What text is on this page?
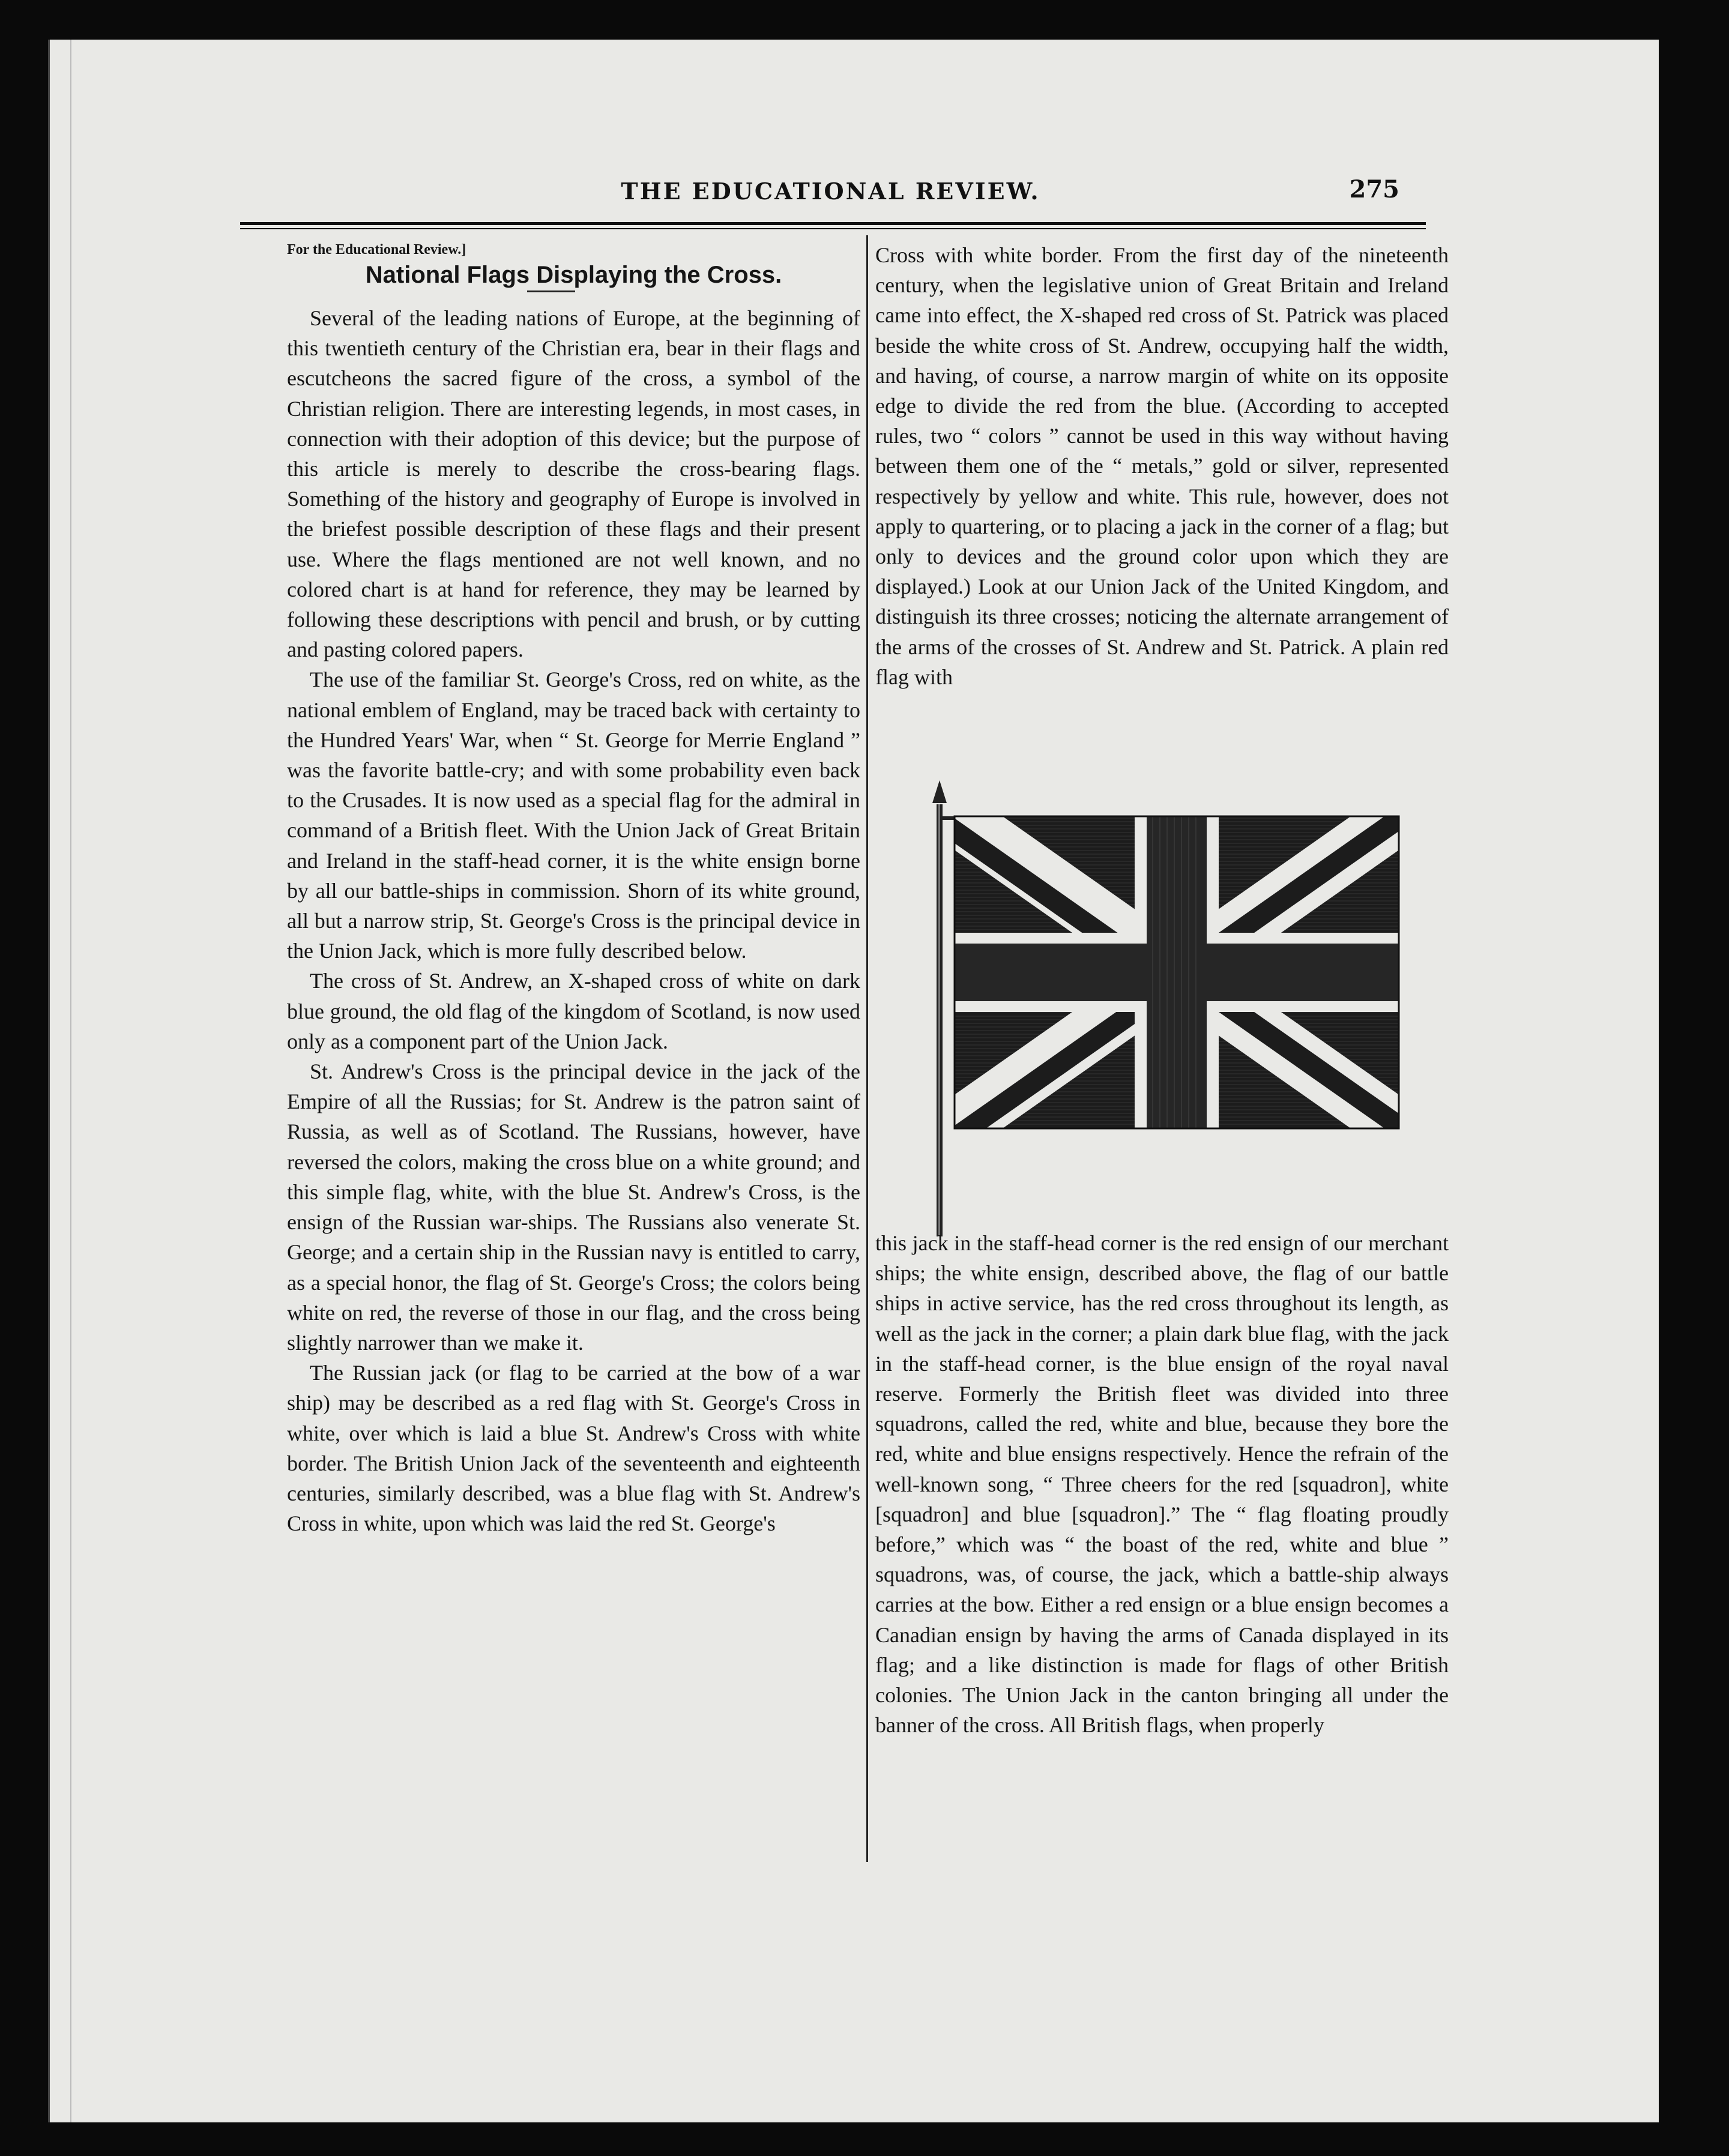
THE EDUCATIONAL REVIEW.	275

For the Educational Review.]

National Flags Displaying the Cross.

Several of the leading nations of Europe, at the beginning of this twentieth century of the Christian era, bear in their flags and escutcheons the sacred figure of the cross, a symbol of the Christian religion. There are interesting legends, in most cases, in connection with their adoption of this device; but the purpose of this article is merely to describe the cross-bearing flags. Something of the history and geography of Europe is involved in the briefest possible description of these flags and their present use. Where the flags mentioned are not well known, and no colored chart is at hand for reference, they may be learned by following these descriptions with pencil and brush, or by cutting and pasting colored papers.

The use of the familiar St. George's Cross, red on white, as the national emblem of England, may be traced back with certainty to the Hundred Years' War, when “ St. George for Merrie England ” was the favorite battle-cry; and with some probability even back to the Crusades. It is now used as a special flag for the admiral in command of a British fleet. With the Union Jack of Great Britain and Ireland in the staff-head corner, it is the white ensign borne by all our battle-ships in commission. Shorn of its white ground, all but a narrow strip, St. George's Cross is the principal device in the Union Jack, which is more fully described below.

The cross of St. Andrew, an X-shaped cross of white on dark blue ground, the old flag of the kingdom of Scotland, is now used only as a component part of the Union Jack.

St. Andrew's Cross is the principal device in the jack of the Empire of all the Russias; for St. Andrew is the patron saint of Russia, as well as of Scotland. The Russians, however, have reversed the colors, making the cross blue on a white ground; and this simple flag, white, with the blue St. Andrew's Cross, is the ensign of the Russian war-ships. The Russians also venerate St. George; and a certain ship in the Russian navy is entitled to carry, as a special honor, the flag of St. George's Cross; the colors being white on red, the reverse of those in our flag, and the cross being slightly narrower than we make it.

The Russian jack (or flag to be carried at the bow of a war ship) may be described as a red flag with St. George's Cross in white, over which is laid a blue St. Andrew's Cross with white border. The British Union Jack of the seventeenth and eighteenth centuries, similarly described, was a blue flag with St. Andrew's Cross in white, upon which was laid the red St. George's

Cross with white border. From the first day of the nineteenth century, when the legislative union of Great Britain and Ireland came into effect, the X-shaped red cross of St. Patrick was placed beside the white cross of St. Andrew, occupying half the width, and having, of course, a narrow margin of white on its opposite edge to divide the red from the blue. (According to accepted rules, two “ colors ” cannot be used in this way without having between them one of the “ metals,” gold or silver, represented respectively by yellow and white. This rule, however, does not apply to quartering, or to placing a jack in the corner of a flag; but only to devices and the ground color upon which they are displayed.) Look at our Union Jack of the United Kingdom, and distinguish its three crosses; noticing the alternate arrangement of the arms of the crosses of St. Andrew and St. Patrick. A plain red flag with

this jack in the staff-head corner is the red ensign of our merchant ships; the white ensign, described above, the flag of our battle ships in active service, has the red cross throughout its length, as well as the jack in the corner; a plain dark blue flag, with the jack in the staff-head corner, is the blue ensign of the royal naval reserve. Formerly the British fleet was divided into three squadrons, called the red, white and blue, because they bore the red, white and blue ensigns respectively. Hence the refrain of the well-known song, “ Three cheers for the red [squadron], white [squadron] and blue [squadron].” The “ flag floating proudly before,” which was “ the boast of the red, white and blue ” squadrons, was, of course, the jack, which a battle-ship always carries at the bow. Either a red ensign or a blue ensign becomes a Canadian ensign by having the arms of Canada displayed in its flag; and a like distinction is made for flags of other British colonies. The Union Jack in the canton bringing all under the banner of the cross. All British flags, when properly
